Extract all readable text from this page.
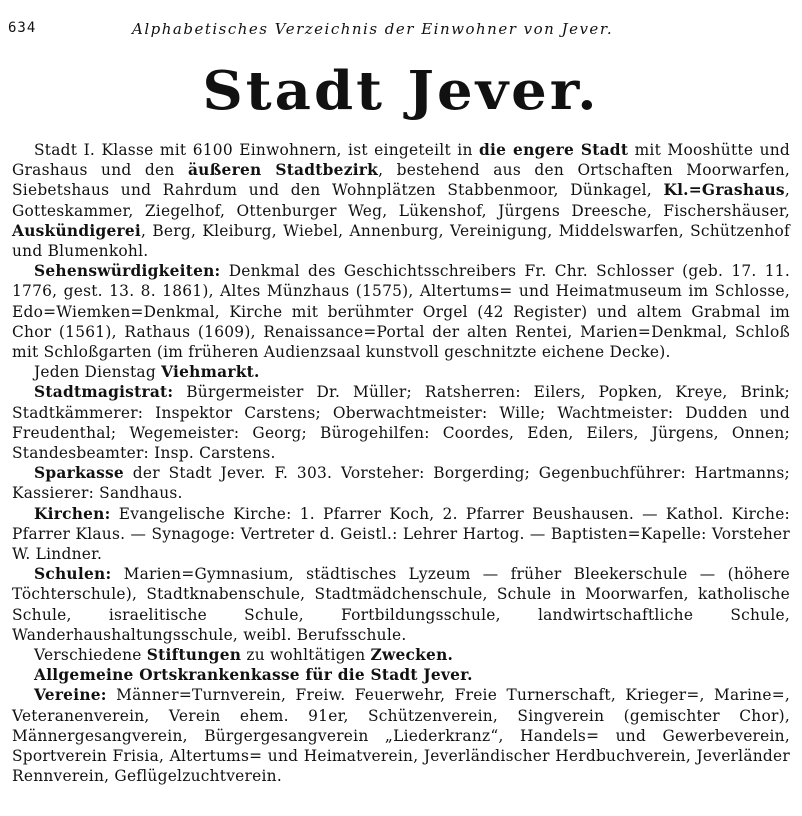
634	Alphabetisches Verzeichnis der Einwohner von Jever.
Stadt Jever.

Stadt I. Klasse mit 6100 Einwohnern, ist eingeteilt in die engere Stadt mit Mooshütte und Grashaus und den äußeren Stadtbezirk, bestehend aus den Ortschaften Moorwarfen, Siebetshaus und Rahrdum und den Wohnplätzen Stabbenmoor, Dünkagel, Kl.=Grashaus, Gotteskammer, Ziegelhof, Ottenburger Weg, Lükenshof, Jürgens Dreesche, Fischershäuser, Auskündigerei, Berg, Kleiburg, Wiebel, Annenburg, Vereinigung, Middelswarfen, Schützenhof und Blumenkohl.

Sehenswürdigkeiten: Denkmal des Geschichtsschreibers Fr. Chr. Schlosser (geb. 17. 11. 1776, gest. 13. 8. 1861), Altes Münzhaus (1575), Altertums= und Heimatmuseum im Schlosse, Edo=Wiemken=Denkmal, Kirche mit berühmter Orgel (42 Register) und altem Grabmal im Chor (1561), Rathaus (1609), Renaissance=Portal der alten Rentei, Marien=Denkmal, Schloß mit Schloßgarten (im früheren Audienzsaal kunstvoll geschnitzte eichene Decke).

Jeden Dienstag Viehmarkt.

Stadtmagistrat: Bürgermeister Dr. Müller; Ratsherren: Eilers, Popken, Kreye, Brink; Stadtkämmerer: Inspektor Carstens; Oberwachtmeister: Wille; Wachtmeister: Dudden und Freudenthal; Wegemeister: Georg; Bürogehilfen: Coordes, Eden, Eilers, Jürgens, Onnen; Standesbeamter: Insp. Carstens.

Sparkasse der Stadt Jever. F. 303. Vorsteher: Borgerding; Gegenbuchführer: Hartmanns; Kassierer: Sandhaus.

Kirchen: Evangelische Kirche: 1. Pfarrer Koch, 2. Pfarrer Beushausen. — Kathol. Kirche: Pfarrer Klaus. — Synagoge: Vertreter d. Geistl.: Lehrer Hartog. — Baptisten=Kapelle: Vorsteher W. Lindner.

Schulen: Marien=Gymnasium, städtisches Lyzeum — früher Bleekerschule — (höhere Töchterschule), Stadtknabenschule, Stadtmädchenschule, Schule in Moorwarfen, katholische Schule, israelitische Schule, Fortbildungsschule, landwirtschaftliche Schule, Wanderhaushaltungsschule, weibl. Berufsschule.

Verschiedene Stiftungen zu wohltätigen Zwecken.

Allgemeine Ortskrankenkasse für die Stadt Jever.

Vereine: Männer=Turnverein, Freiw. Feuerwehr, Freie Turnerschaft, Krieger=, Marine=, Veteranenverein, Verein ehem. 91er, Schützenverein, Singverein (gemischter Chor), Männergesangverein, Bürgergesangverein „Liederkranz“, Handels= und Gewerbeverein, Sportverein Frisia, Altertums= und Heimatverein, Jeverländischer Herdbuchverein, Jeverländer Rennverein, Geflügelzuchtverein.
